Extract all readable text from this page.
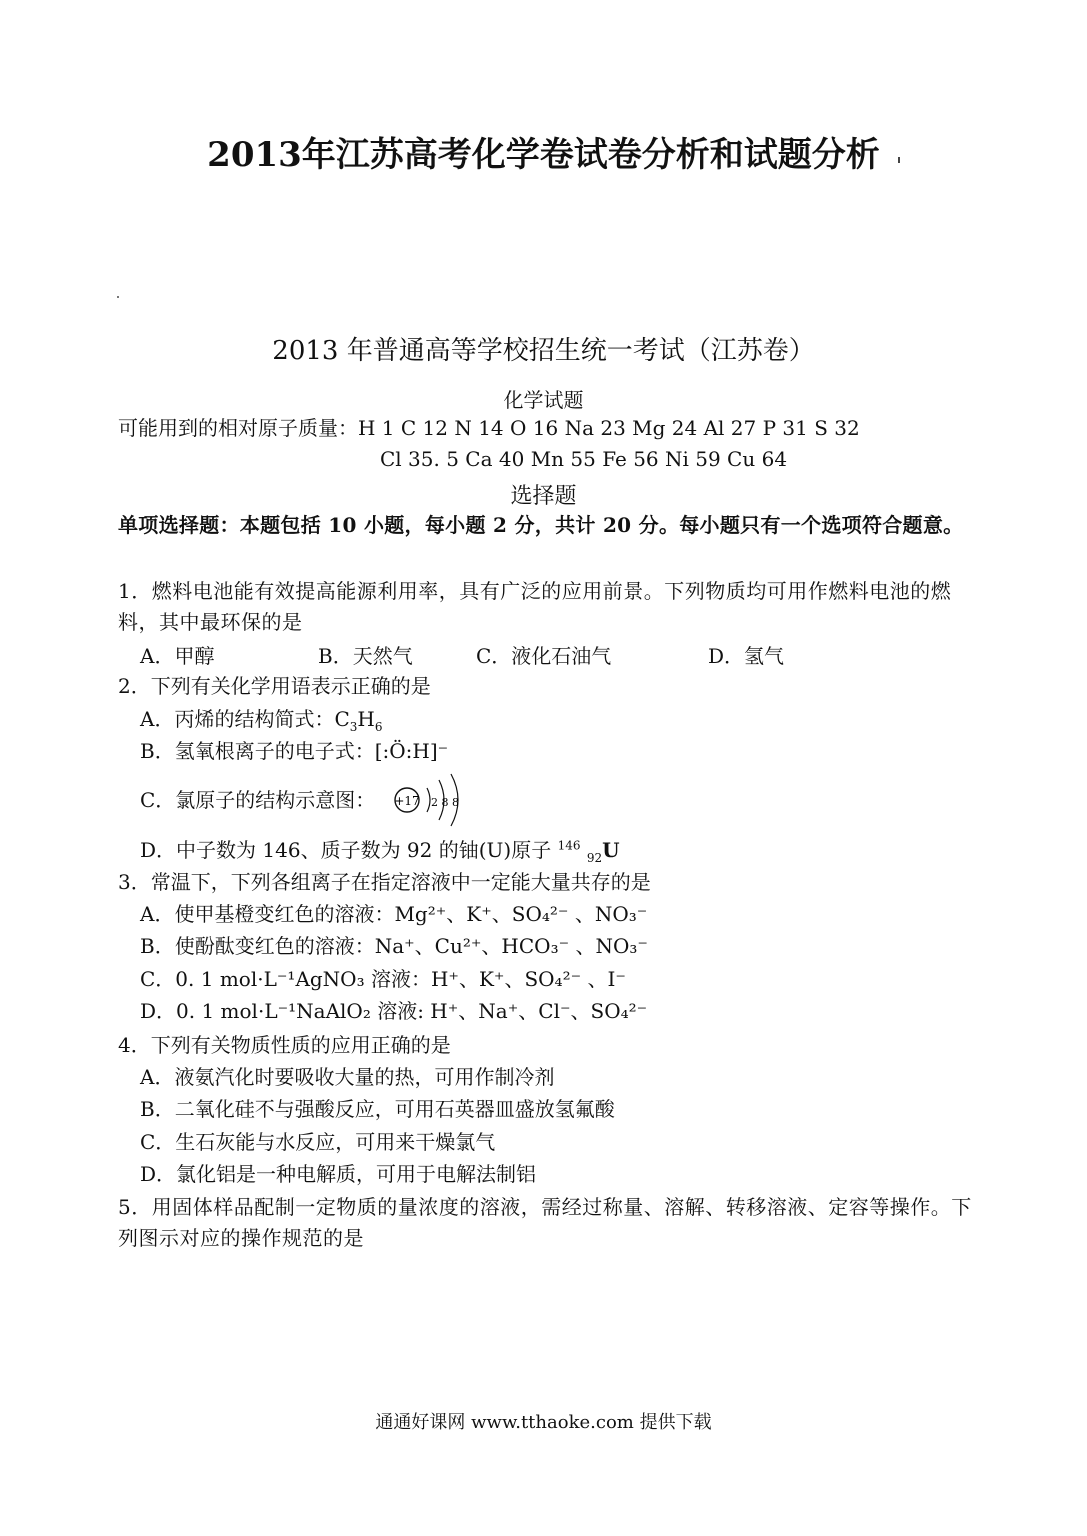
2013年江苏高考化学卷试卷分析和试题分析
2013 年普通高等学校招生统一考试（江苏卷）
化学试题
可能用到的相对原子质量：H 1 C 12 N 14 O 16 Na 23 Mg 24 Al 27 P 31 S 32
Cl 35. 5 Ca 40 Mn 55 Fe 56 Ni 59 Cu 64
选择题
单项选择题：本题包括 10 小题，每小题 2 分，共计 20 分。每小题只有一个选项符合题意。
1．燃料电池能有效提高能源利用率，具有广泛的应用前景。下列物质均可用作燃料电池的燃料，其中最环保的是
A．甲醇	B．天然气	C．液化石油气	D．氢气
2．下列有关化学用语表示正确的是
A．丙烯的结构简式：$C_3H_6$
B．氢氧根离子的电子式：[:Ö:H]⁻
C．氯原子的结构示意图： +17 2 8 8
D．中子数为 146、质子数为 92 的铀(U)原子 $^{146}$ $_{92}$U
3．常温下，下列各组离子在指定溶液中一定能大量共存的是
A．使甲基橙变红色的溶液：Mg²⁺、K⁺、SO₄²⁻ 、NO₃⁻
B．使酚酞变红色的溶液：Na⁺、Cu²⁺、HCO₃⁻ 、NO₃⁻
C．0. 1 mol·L⁻¹AgNO₃ 溶液：H⁺、K⁺、SO₄²⁻ 、I⁻
D．0. 1 mol·L⁻¹NaAlO₂ 溶液: H⁺、Na⁺、Cl⁻、SO₄²⁻
4．下列有关物质性质的应用正确的是
A．液氨汽化时要吸收大量的热，可用作制冷剂
B．二氧化硅不与强酸反应，可用石英器皿盛放氢氟酸
C．生石灰能与水反应，可用来干燥氯气
D．氯化铝是一种电解质，可用于电解法制铝
5．用固体样品配制一定物质的量浓度的溶液，需经过称量、溶解、转移溶液、定容等操作。下列图示对应的操作规范的是
通通好课网 www.tthaoke.com 提供下载
